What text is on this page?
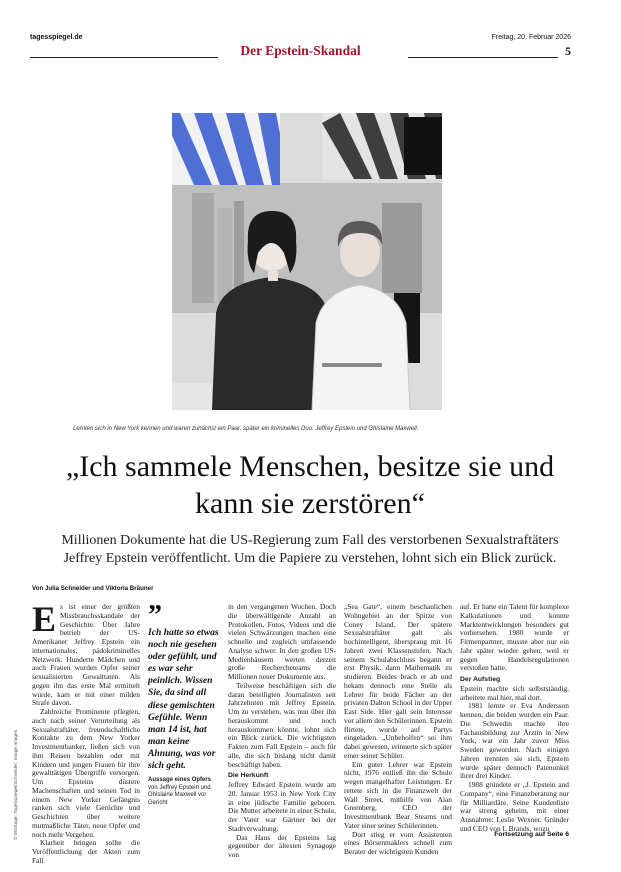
tagesspiegel.de
Der Epstein-Skandal
Freitag, 20. Februar 2026
5
Lernten sich in New York kennen und waren zunächst ein Paar, später ein kriminelles Duo: Jeffrey Epstein und Ghislaine Maxwell.
„Ich sammele Menschen, besitze sie und kann sie zerstören“

Millionen Dokumente hat die US-Regierung zum Fall des verstorbenen Sexualstraftäters Jeffrey Epstein veröffentlicht. Um die Papiere zu verstehen, lohnt sich ein Blick zurück.

Von Julia Schneider und Viktoria Bräuner

Es ist einer der größten Missbrauchsskandale der Geschichte: Über Jahre betrieb der US-Amerikaner Jeffrey Epstein ein internationales, pädokriminelles Netzwerk. Hunderte Mädchen und auch Frauen wurden Opfer seiner sexualisierten Gewalttaten. Als gegen ihn das erste Mal ermittelt wurde, kam er mit einer milden Strafe davon.

Zahlreiche Prominente pflegten, auch nach seiner Verurteilung als Sexualstraftäter, freundschaftliche Kontakte zu dem New Yorker Investmentbanker, ließen sich von ihm Reisen bezahlen oder mit Kindern und jungen Frauen für ihre gewalttätigen Übergriffe versorgen. Um Epsteins düstere Machenschaften und seinen Tod in einem New Yorker Gefängnis ranken sich viele Gerüchte und Geschichten über weitere mutmaßliche Täter, neue Opfer und noch mehr Vergehen.

Klarheit bringen sollte die Veröffentlichung der Akten zum Fall

”

Ich hatte so etwas noch nie gesehen oder gefühlt, und es war sehr peinlich. Wissen Sie, da sind all diese gemischten Gefühle. Wenn man 14 ist, hat man keine Ahnung, was vor sich geht.

Aussage eines Opfers
von Jeffrey Epstein und Ghislaine Maxwell vor Gericht

in den vergangenen Wochen. Doch die überwältigende Anzahl an Protokollen, Fotos, Videos und die vielen Schwärzungen machen eine schnelle und zugleich umfassende Analyse schwer. In den großen US-Medienhäusern werten derzeit große Rechercheteams die Millionen neuer Dokumente aus.

Teilweise beschäftigen sich die daran beteiligten Journalisten seit Jahrzehnten mit Jeffrey Epstein. Um zu verstehen, was nun über ihn herauskommt und noch herauskommen könnte, lohnt sich ein Blick zurück. Die wichtigsten Fakten zum Fall Epstein – auch für alle, die sich bislang nicht damit beschäftigt haben.

Die Herkunft

Jeffrey Edward Epstein wurde am 20. Januar 1953 in New York City in eine jüdische Familie geboren. Die Mutter arbeitete in einer Schule, der Vater war Gärtner bei der Stadtverwaltung.

Das Haus der Epsteins lag gegenüber der ältesten Synagoge von

„Sea Gate“, einem beschaulichen Wohngebiet an der Spitze von Coney Island. Der spätere Sexualstraftäter galt als hochintelligent, übersprang mit 16 Jahren zwei Klassenstufen. Nach seinem Schulabschluss begann er erst Physik, dann Mathematik zu studieren. Beides brach er ab und bekam dennoch eine Stelle als Lehrer für beide Fächer an der privaten Dalton School in der Upper East Side. Hier galt sein Interesse vor allem den Schülerinnen. Epstein flirtete, wurde auf Partys eingeladen. „Unbeholfen“ sei ihm dabei gewesen, erinnerte sich später einer seiner Schüler.

Ein guter Lehrer war Epstein nicht, 1976 entließ ihn die Schule wegen mangelhafter Leistungen. Er rettete sich in die Finanzwelt der Wall Street, mithilfe von Alan Greenberg, CEO der Investmentbank Bear Stearns und Vater einer seiner Schülerinnen.

Dort stieg er vom Assistenten eines Börsenmaklers schnell zum Berater der wichtigsten Kunden

auf. Er hatte ein Talent für komplexe Kalkulationen und konnte Marktentwicklungen besonders gut vorhersehen. 1980 wurde er Firmenpartner, musste aber nur ein Jahr später wieder gehen, weil er gegen Handelsregulationen verstoßen hatte.

Der Aufstieg

Epstein machte sich selbstständig, arbeitete mal hier, mal dort.

1981 lernte er Eva Andersson kennen, die beiden wurden ein Paar. Die Schwedin machte ihre Fachausbildung zur Ärztin in New York, war ein Jahr zuvor Miss Sweden geworden. Nach einigen Jahren trennten sie sich, Epstein wurde später dennoch Patenonkel ihrer drei Kinder.

1988 gründete er „J. Epstein and Company“, eine Finanzberatung nur für Milliardäre. Seine Kundenliste war streng geheim, mit einer Ausnahme: Leslie Wexner. Gründer und CEO von L Brands, wozu

Fortsetzung auf Seite 6
© Montage: Tagesspiegel/Schneider; Image Images
